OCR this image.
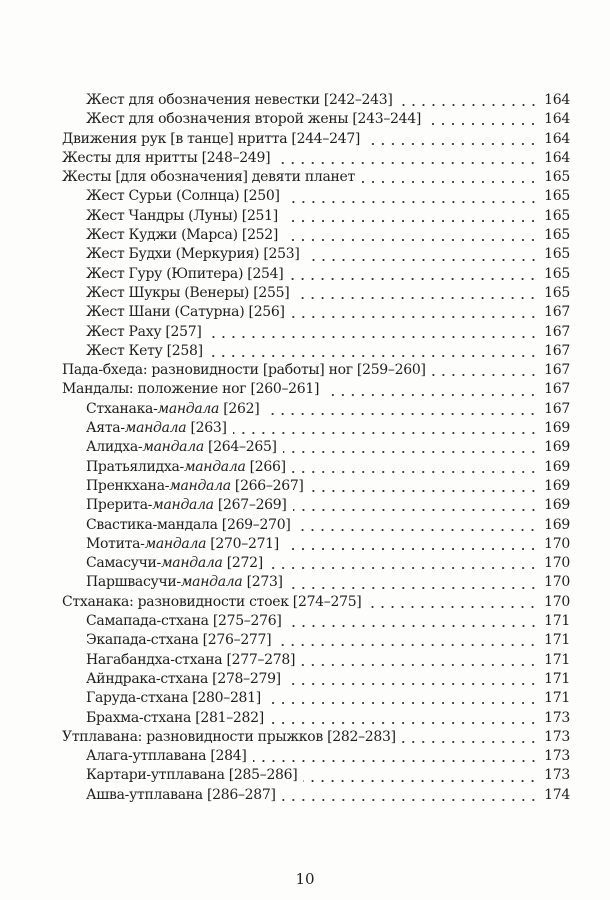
Жест для обозначения невестки [242–243]	164
Жест для обозначения второй жены [243–244]	164
Движения рук [в танце] нритта [244–247]	164
Жесты для нритты [248–249]	164
Жесты [для обозначения] девяти планет	165
Жест Сурьи (Солнца) [250]	165
Жест Чандры (Луны) [251]	165
Жест Куджи (Марса) [252]	165
Жест Будхи (Меркурия) [253]	165
Жест Гуру (Юпитера) [254]	165
Жест Шукры (Венеры) [255]	165
Жест Шани (Сатурна) [256]	167
Жест Раху [257]	167
Жест Кету [258]	167
Пада-бхеда: разновидности [работы] ног [259–260]	167
Мандалы: положение ног [260–261]	167
Стханака-мандала [262]	167
Аята-мандала [263]	169
Алидха-мандала [264–265]	169
Пратьялидха-мандала [266]	169
Пренкхана-мандала [266–267]	169
Прерита-мандала [267–269]	169
Свастика-мандала [269–270]	169
Мотита-мандала [270–271]	170
Самасучи-мандала [272]	170
Паршвасучи-мандала [273]	170
Стханака: разновидности стоек [274–275]	170
Самапада-стхана [275–276]	171
Экапада-стхана [276–277]	171
Нагабандха-стхана [277–278]	171
Айндрака-стхана [278–279]	171
Гаруда-стхана [280–281]	171
Брахма-стхана [281–282]	173
Утплавана: разновидности прыжков [282–283]	173
Алага-утплавана [284]	173
Картари-утплавана [285–286]	173
Ашва-утплавана [286–287]	174
10
